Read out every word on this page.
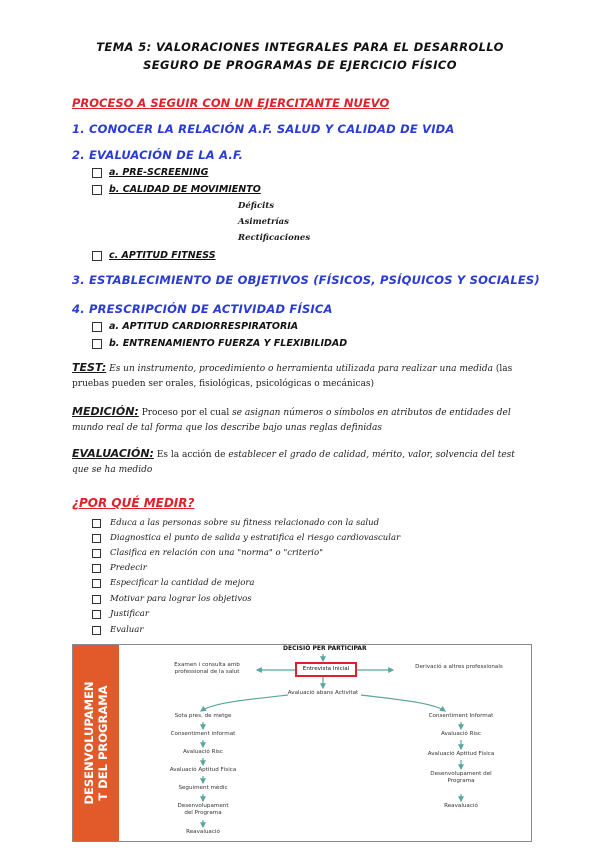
TEMA 5: VALORACIONES INTEGRALES PARA EL DESARROLLO
SEGURO DE PROGRAMAS DE EJERCICIO FÍSICO
PROCESO A SEGUIR CON UN EJERCITANTE NUEVO
1. CONOCER LA RELACIÓN A.F. SALUD Y CALIDAD DE VIDA
2. EVALUACIÓN DE LA A.F.
a. PRE-SCREENING
b. CALIDAD DE MOVIMIENTO
Déficits
Asimetrías
Rectificaciones
c. APTITUD FITNESS
3. ESTABLECIMIENTO DE OBJETIVOS (FÍSICOS, PSÍQUICOS Y SOCIALES)
4. PRESCRIPCIÓN DE ACTIVIDAD FÍSICA
a. APTITUD CARDIORRESPIRATORIA
b. ENTRENAMIENTO FUERZA Y FLEXIBILIDAD
TEST: Es un instrumento, procedimiento o herramienta utilizada para realizar una medida (las pruebas pueden ser orales, fisiológicas, psicológicas o mecánicas)
MEDICIÓN: Proceso por el cual se asignan números o símbolos en atributos de entidades del mundo real de tal forma que los describe bajo unas reglas definidas
EVALUACIÓN: Es la acción de establecer el grado de calidad, mérito, valor, solvencia del test que se ha medido
¿POR QUÉ MEDIR?
Educa a las personas sobre su fitness relacionado con la salud
Diagnostica el punto de salida y estratifica el riesgo cardiovascular
Clasifica en relación con una "norma" o "criterio"
Predecir
Especificar la cantidad de mejora
Motivar para lograr los objetivos
Justificar
Evaluar
DESENVOLUPAMEN T DEL PROGRAMA
DECISIÓ PER PARTICIPAR
Examen i consulta amb
professional de la salut	Entrevista Inicial	Derivació a altres professionals
Avaluació abans Activitat
Sota pres. de metge
Consentiment informat
Avaluació Risc
Avaluació Aptitud Física
Seguiment mèdic
Desenvolupament del Programa
Reavaluació
Consentiment Informat
Avaluació Risc
Avaluació Aptitud Física
Desenvolupament del Programa
Reavaluació
